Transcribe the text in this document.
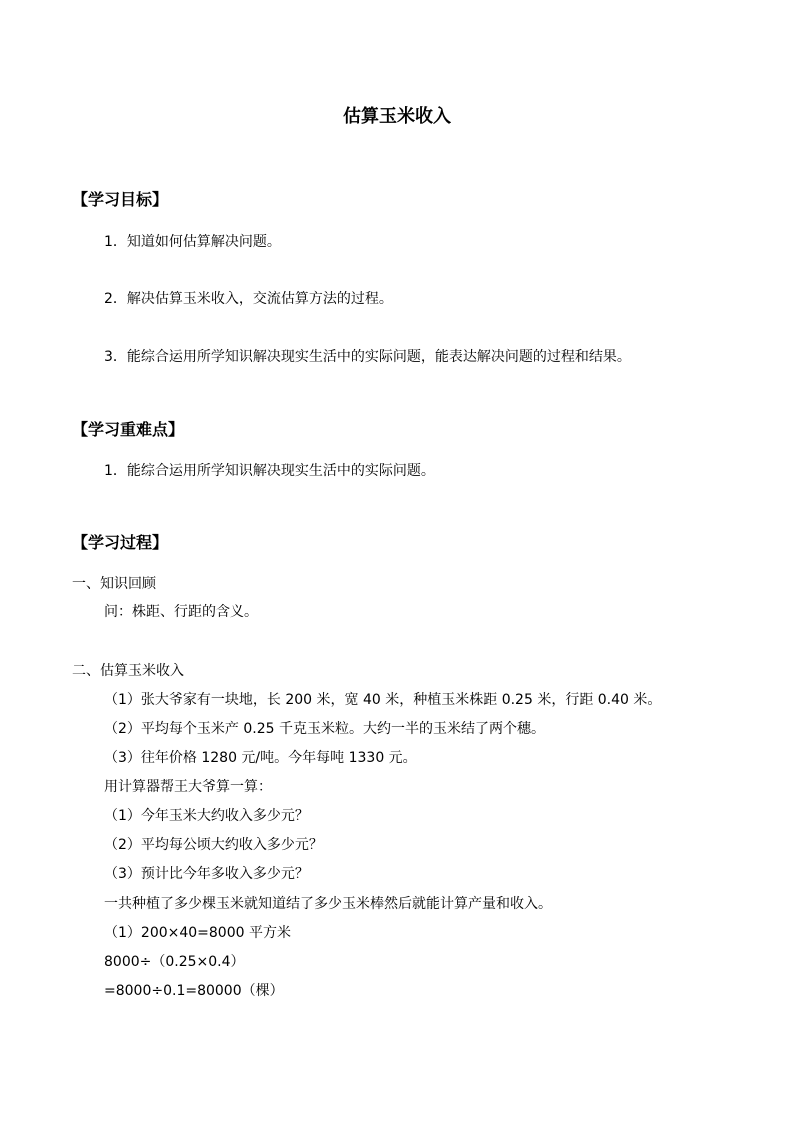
估算玉米收入
【学习目标】
1．知道如何估算解决问题。
2．解决估算玉米收入，交流估算方法的过程。
3．能综合运用所学知识解决现实生活中的实际问题，能表达解决问题的过程和结果。
【学习重难点】
1．能综合运用所学知识解决现实生活中的实际问题。
【学习过程】
一、知识回顾
问：株距、行距的含义。
二、估算玉米收入
（1）张大爷家有一块地，长 200 米，宽 40 米，种植玉米株距 0.25 米，行距 0.40 米。
（2）平均每个玉米产 0.25 千克玉米粒。大约一半的玉米结了两个穗。
（3）往年价格 1280 元/吨。今年每吨 1330 元。
用计算器帮王大爷算一算：
（1）今年玉米大约收入多少元？
（2）平均每公顷大约收入多少元？
（3）预计比今年多收入多少元？
一共种植了多少棵玉米就知道结了多少玉米棒然后就能计算产量和收入。
（1）200×40=8000 平方米
8000÷（0.25×0.4）
=8000÷0.1=80000（棵）
